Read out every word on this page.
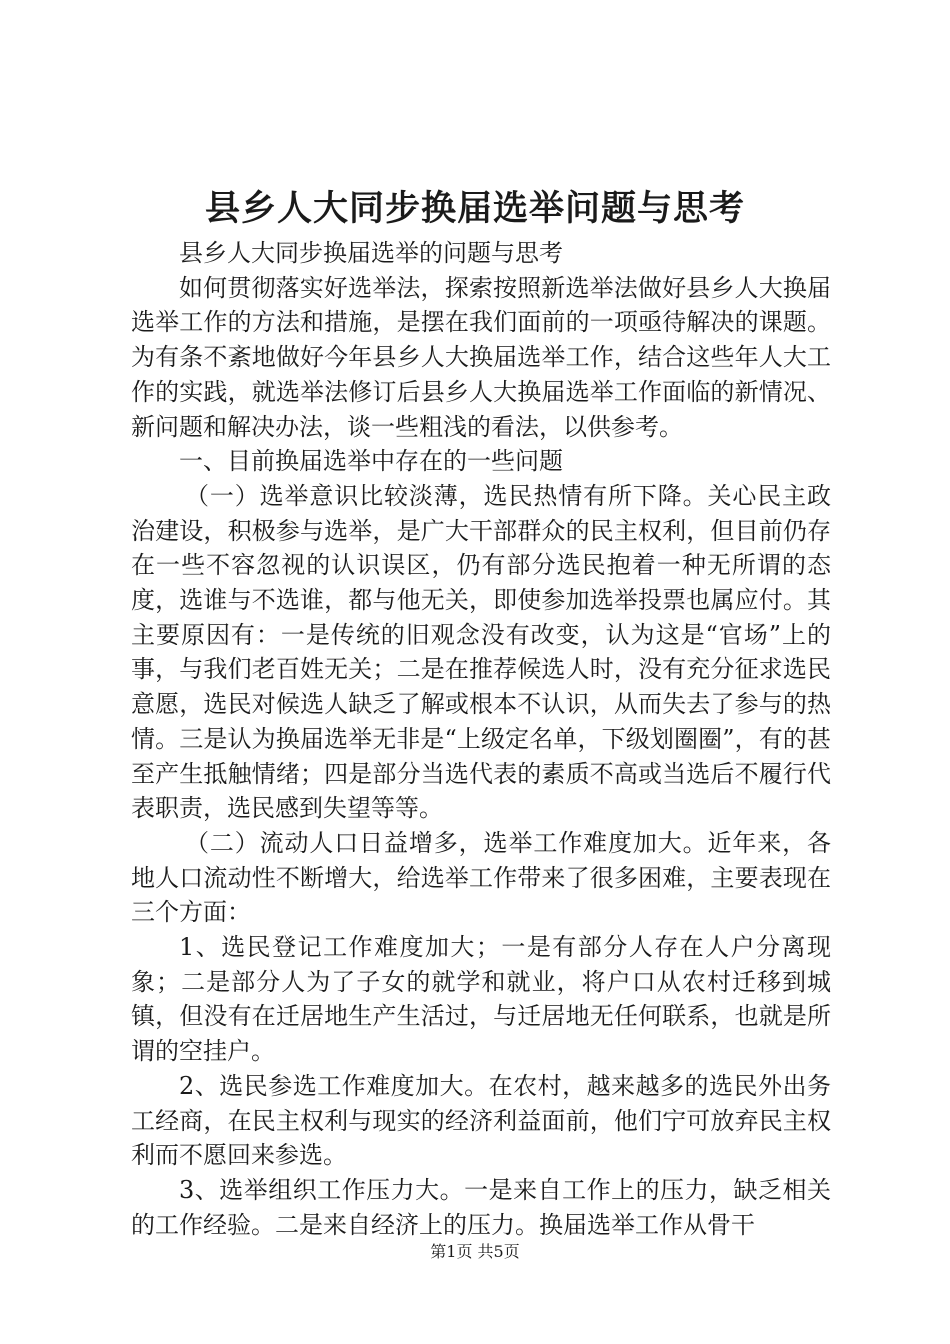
县乡人大同步换届选举问题与思考

县乡人大同步换届选举的问题与思考

如何贯彻落实好选举法，探索按照新选举法做好县乡人大换届选举工作的方法和措施，是摆在我们面前的一项亟待解决的课题。为有条不紊地做好今年县乡人大换届选举工作，结合这些年人大工作的实践，就选举法修订后县乡人大换届选举工作面临的新情况、新问题和解决办法，谈一些粗浅的看法，以供参考。

一、目前换届选举中存在的一些问题

（一）选举意识比较淡薄，选民热情有所下降。关心民主政治建设，积极参与选举，是广大干部群众的民主权利，但目前仍存在一些不容忽视的认识误区，仍有部分选民抱着一种无所谓的态度，选谁与不选谁，都与他无关，即使参加选举投票也属应付。其主要原因有：一是传统的旧观念没有改变，认为这是“官场”上的事，与我们老百姓无关；二是在推荐候选人时，没有充分征求选民意愿，选民对候选人缺乏了解或根本不认识，从而失去了参与的热情。三是认为换届选举无非是“上级定名单，下级划圈圈”，有的甚至产生抵触情绪；四是部分当选代表的素质不高或当选后不履行代表职责，选民感到失望等等。

（二）流动人口日益增多，选举工作难度加大。近年来，各地人口流动性不断增大，给选举工作带来了很多困难，主要表现在三个方面：

1、选民登记工作难度加大；一是有部分人存在人户分离现象；二是部分人为了子女的就学和就业，将户口从农村迁移到城镇，但没有在迁居地生产生活过，与迁居地无任何联系，也就是所谓的空挂户。

2、选民参选工作难度加大。在农村，越来越多的选民外出务工经商，在民主权利与现实的经济利益面前，他们宁可放弃民主权利而不愿回来参选。

3、选举组织工作压力大。一是来自工作上的压力，缺乏相关的工作经验。二是来自经济上的压力。换届选举工作从骨干

第1页 共5页
